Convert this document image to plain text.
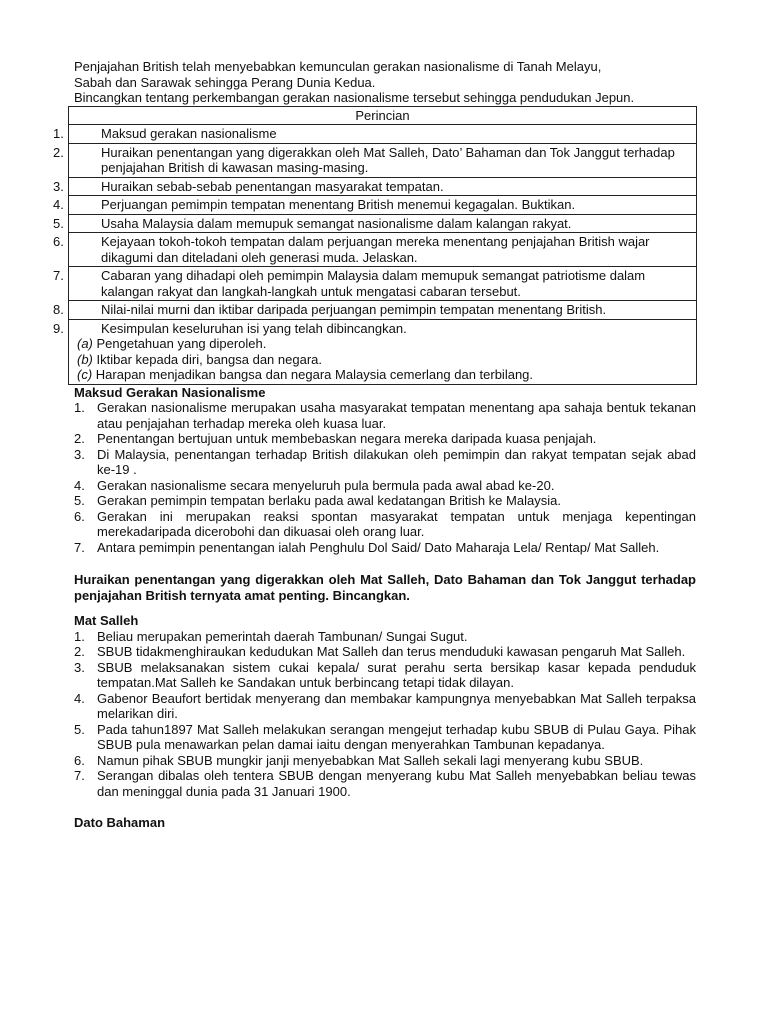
Penjajahan British telah menyebabkan kemunculan gerakan nasionalisme di Tanah Melayu,

Sabah dan Sarawak sehingga Perang Dunia Kedua.

Bincangkan tentang perkembangan gerakan nasionalisme tersebut sehingga pendudukan Jepun.

Perincian

1.	Maksud gerakan nasionalisme

2.	Huraikan penentangan yang digerakkan oleh Mat Salleh, Dato’ Bahaman dan Tok Janggut terhadap penjajahan British di kawasan masing-masing.

3.	Huraikan sebab-sebab penentangan masyarakat tempatan.

4.	Perjuangan pemimpin tempatan menentang British menemui kegagalan. Buktikan.

5.	Usaha Malaysia dalam memupuk semangat nasionalisme dalam kalangan rakyat.

6.	Kejayaan tokoh-tokoh tempatan dalam perjuangan mereka menentang penjajahan British wajar dikagumi dan diteladani oleh generasi muda. Jelaskan.

7.	Cabaran yang dihadapi oleh pemimpin Malaysia dalam memupuk semangat patriotisme dalam kalangan rakyat dan langkah-langkah untuk mengatasi cabaran tersebut.

8.	Nilai-nilai murni dan iktibar daripada perjuangan pemimpin tempatan menentang British.

9.	Kesimpulan keseluruhan isi yang telah dibincangkan.
(a) Pengetahuan yang diperoleh.
(b) Iktibar kepada diri, bangsa dan negara.
(c) Harapan menjadikan bangsa dan negara Malaysia cemerlang dan terbilang.
Maksud Gerakan Nasionalisme
1. Gerakan nasionalisme merupakan usaha masyarakat tempatan menentang apa sahaja bentuk tekanan atau penjajahan terhadap mereka oleh kuasa luar.
2. Penentangan bertujuan untuk membebaskan negara mereka daripada kuasa penjajah.
3. Di Malaysia, penentangan terhadap British dilakukan oleh pemimpin dan rakyat tempatan sejak abad ke-19 .
4. Gerakan nasionalisme secara menyeluruh pula bermula pada awal abad ke-20.
5. Gerakan pemimpin tempatan berlaku pada awal kedatangan British ke Malaysia.
6. Gerakan ini merupakan reaksi spontan masyarakat tempatan untuk menjaga kepentingan merekadaripada dicerobohi dan dikuasai oleh orang luar.
7. Antara pemimpin penentangan ialah Penghulu Dol Said/ Dato Maharaja Lela/ Rentap/ Mat Salleh.

Huraikan penentangan yang digerakkan oleh Mat Salleh, Dato Bahaman dan Tok Janggut terhadap penjajahan British ternyata amat penting. Bincangkan.

Mat Salleh
1. Beliau merupakan pemerintah daerah Tambunan/ Sungai Sugut.
2. SBUB tidakmenghiraukan kedudukan Mat Salleh dan terus menduduki kawasan pengaruh Mat Salleh.
3. SBUB melaksanakan sistem cukai kepala/ surat perahu serta bersikap kasar kepada penduduk tempatan.Mat Salleh ke Sandakan untuk berbincang tetapi tidak dilayan.
4. Gabenor Beaufort bertidak menyerang dan membakar kampungnya menyebabkan Mat Salleh terpaksa melarikan diri.
5. Pada tahun1897 Mat Salleh melakukan serangan mengejut terhadap kubu SBUB di Pulau Gaya. Pihak SBUB pula menawarkan pelan damai iaitu dengan menyerahkan Tambunan kepadanya.
6. Namun pihak SBUB mungkir janji menyebabkan Mat Salleh sekali lagi menyerang kubu SBUB.
7. Serangan dibalas oleh tentera SBUB dengan menyerang kubu Mat Salleh menyebabkan beliau tewas dan meninggal dunia pada 31 Januari 1900.
Dato Bahaman
